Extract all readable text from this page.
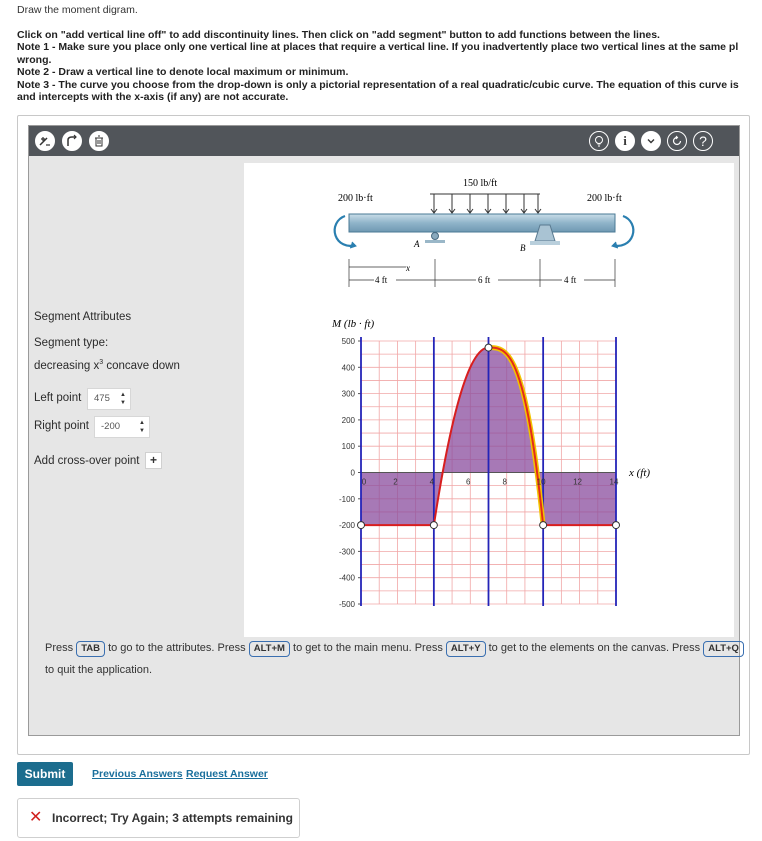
Draw the moment digram.
Click on "add vertical line off" to add discontinuity lines. Then click on "add segment" button to add functions between the lines.
Note 1 - Make sure you place only one vertical line at places that require a vertical line. If you inadvertently place two vertical lines at the same pl
wrong.
Note 2 - Draw a vertical line to denote local maximum or minimum.
Note 3 - The curve you choose from the drop-down is only a pictorial representation of a real quadratic/cubic curve. The equation of this curve is
and intercepts with the x-axis (if any) are not accurate.
i	?
Segment Attributes
Segment type:
decreasing $x^3$ concave down
Left point	475 ▲
▼
Right point	-200	▲
▼
Add cross-over point +
200 lb·ft	200 lb·ft
150 lb/ft
A	B
x
4 ft	6 ft	4 ft
M (lb · ft)
x (ft)
500
400
300
200
100
0
-100
-200
-300
-400
-500
0	2	4	6	8	10	12	14
Press TAB to go to the attributes. Press ALT+M to get to the main menu. Press ALT+Y to get to the elements on the canvas. Press ALT+Q to quit the application.
Submit	Previous Answers Request Answer
✕ Incorrect; Try Again; 3 attempts remaining
